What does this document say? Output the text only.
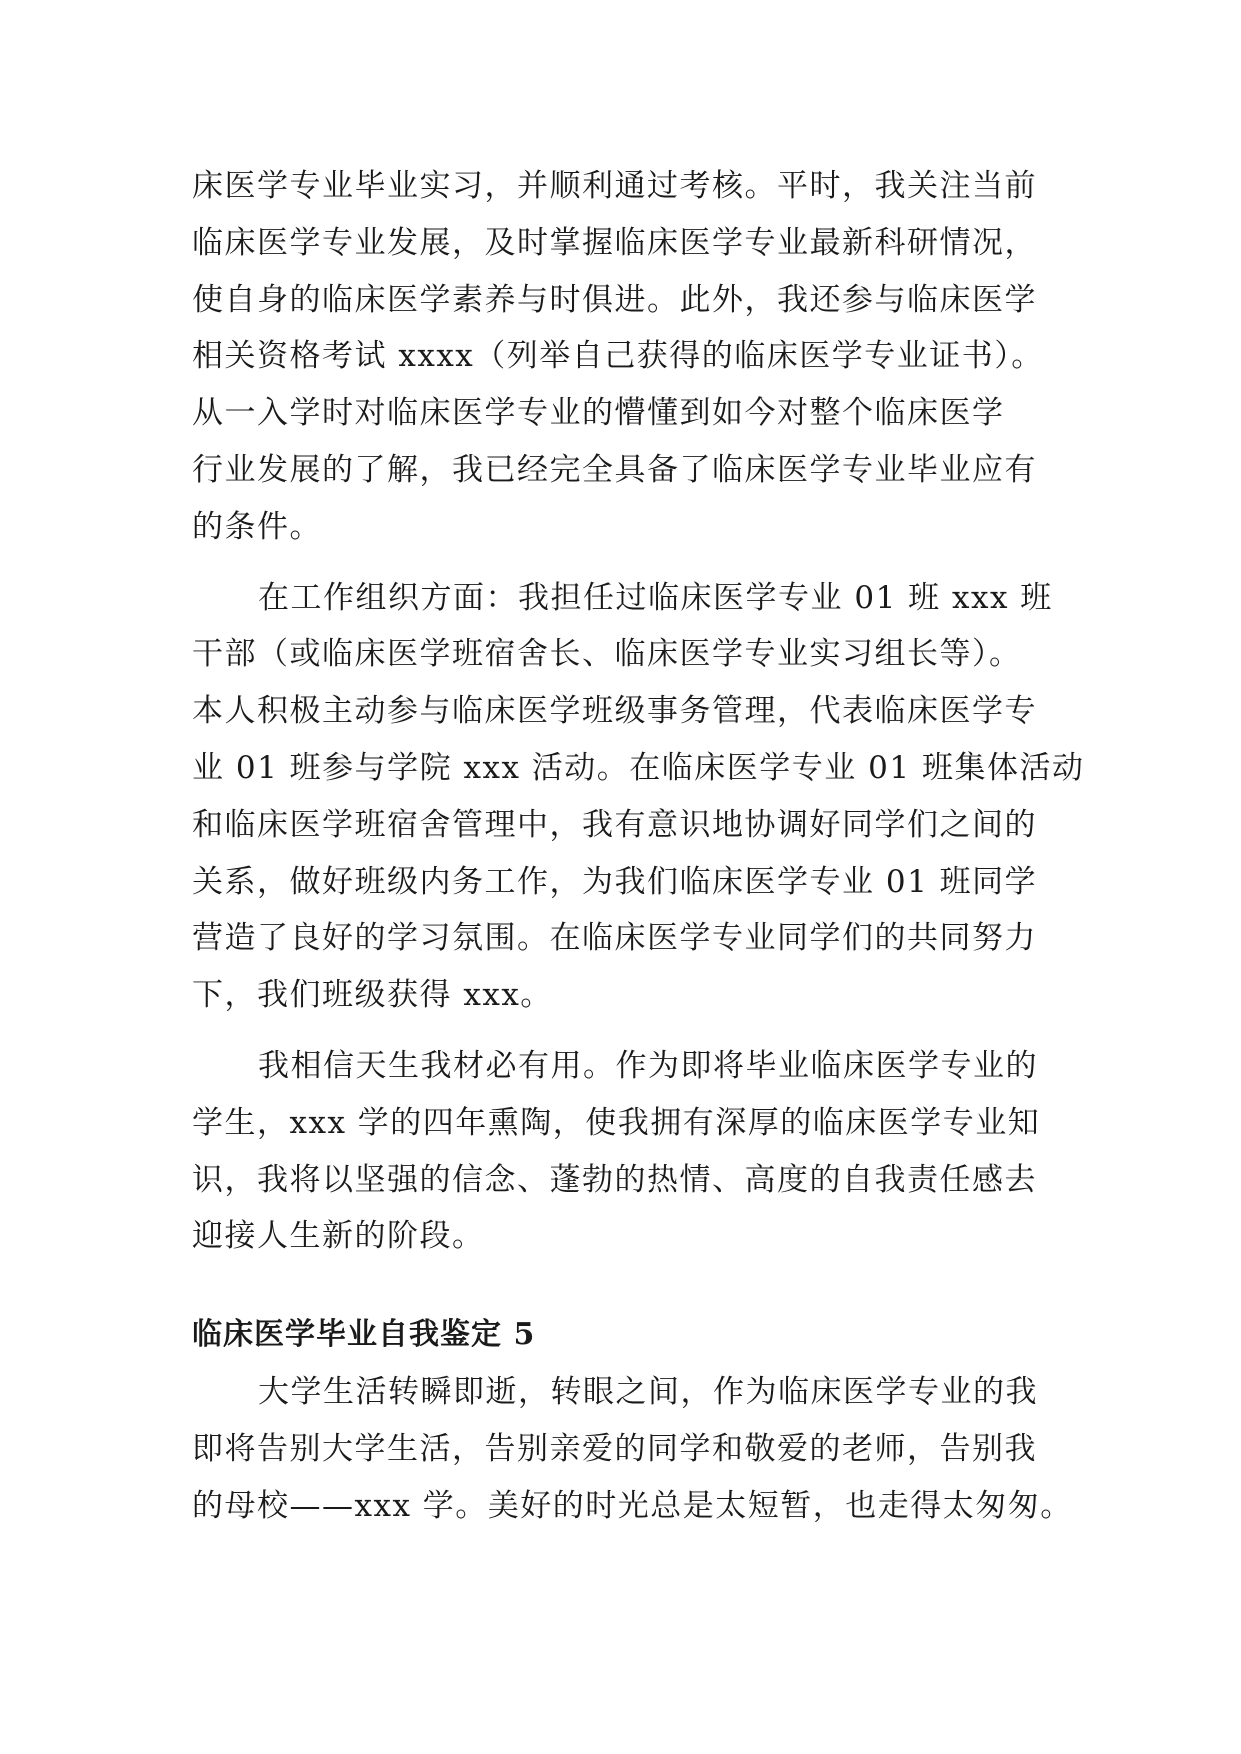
床医学专业毕业实习，并顺利通过考核。平时，我关注当前
临床医学专业发展，及时掌握临床医学专业最新科研情况，
使自身的临床医学素养与时俱进。此外，我还参与临床医学
相关资格考试 xxxx（列举自己获得的临床医学专业证书）。
从一入学时对临床医学专业的懵懂到如今对整个临床医学
行业发展的了解，我已经完全具备了临床医学专业毕业应有
的条件。

在工作组织方面：我担任过临床医学专业 01 班 xxx 班
干部（或临床医学班宿舍长、临床医学专业实习组长等）。
本人积极主动参与临床医学班级事务管理，代表临床医学专
业 01 班参与学院 xxx 活动。在临床医学专业 01 班集体活动
和临床医学班宿舍管理中，我有意识地协调好同学们之间的
关系，做好班级内务工作，为我们临床医学专业 01 班同学
营造了良好的学习氛围。在临床医学专业同学们的共同努力
下，我们班级获得 xxx。

我相信天生我材必有用。作为即将毕业临床医学专业的
学生，xxx 学的四年熏陶，使我拥有深厚的临床医学专业知
识，我将以坚强的信念、蓬勃的热情、高度的自我责任感去
迎接人生新的阶段。

临床医学毕业自我鉴定 5

大学生活转瞬即逝，转眼之间，作为临床医学专业的我
即将告别大学生活，告别亲爱的同学和敬爱的老师，告别我
的母校——xxx 学。美好的时光总是太短暂，也走得太匆匆。
